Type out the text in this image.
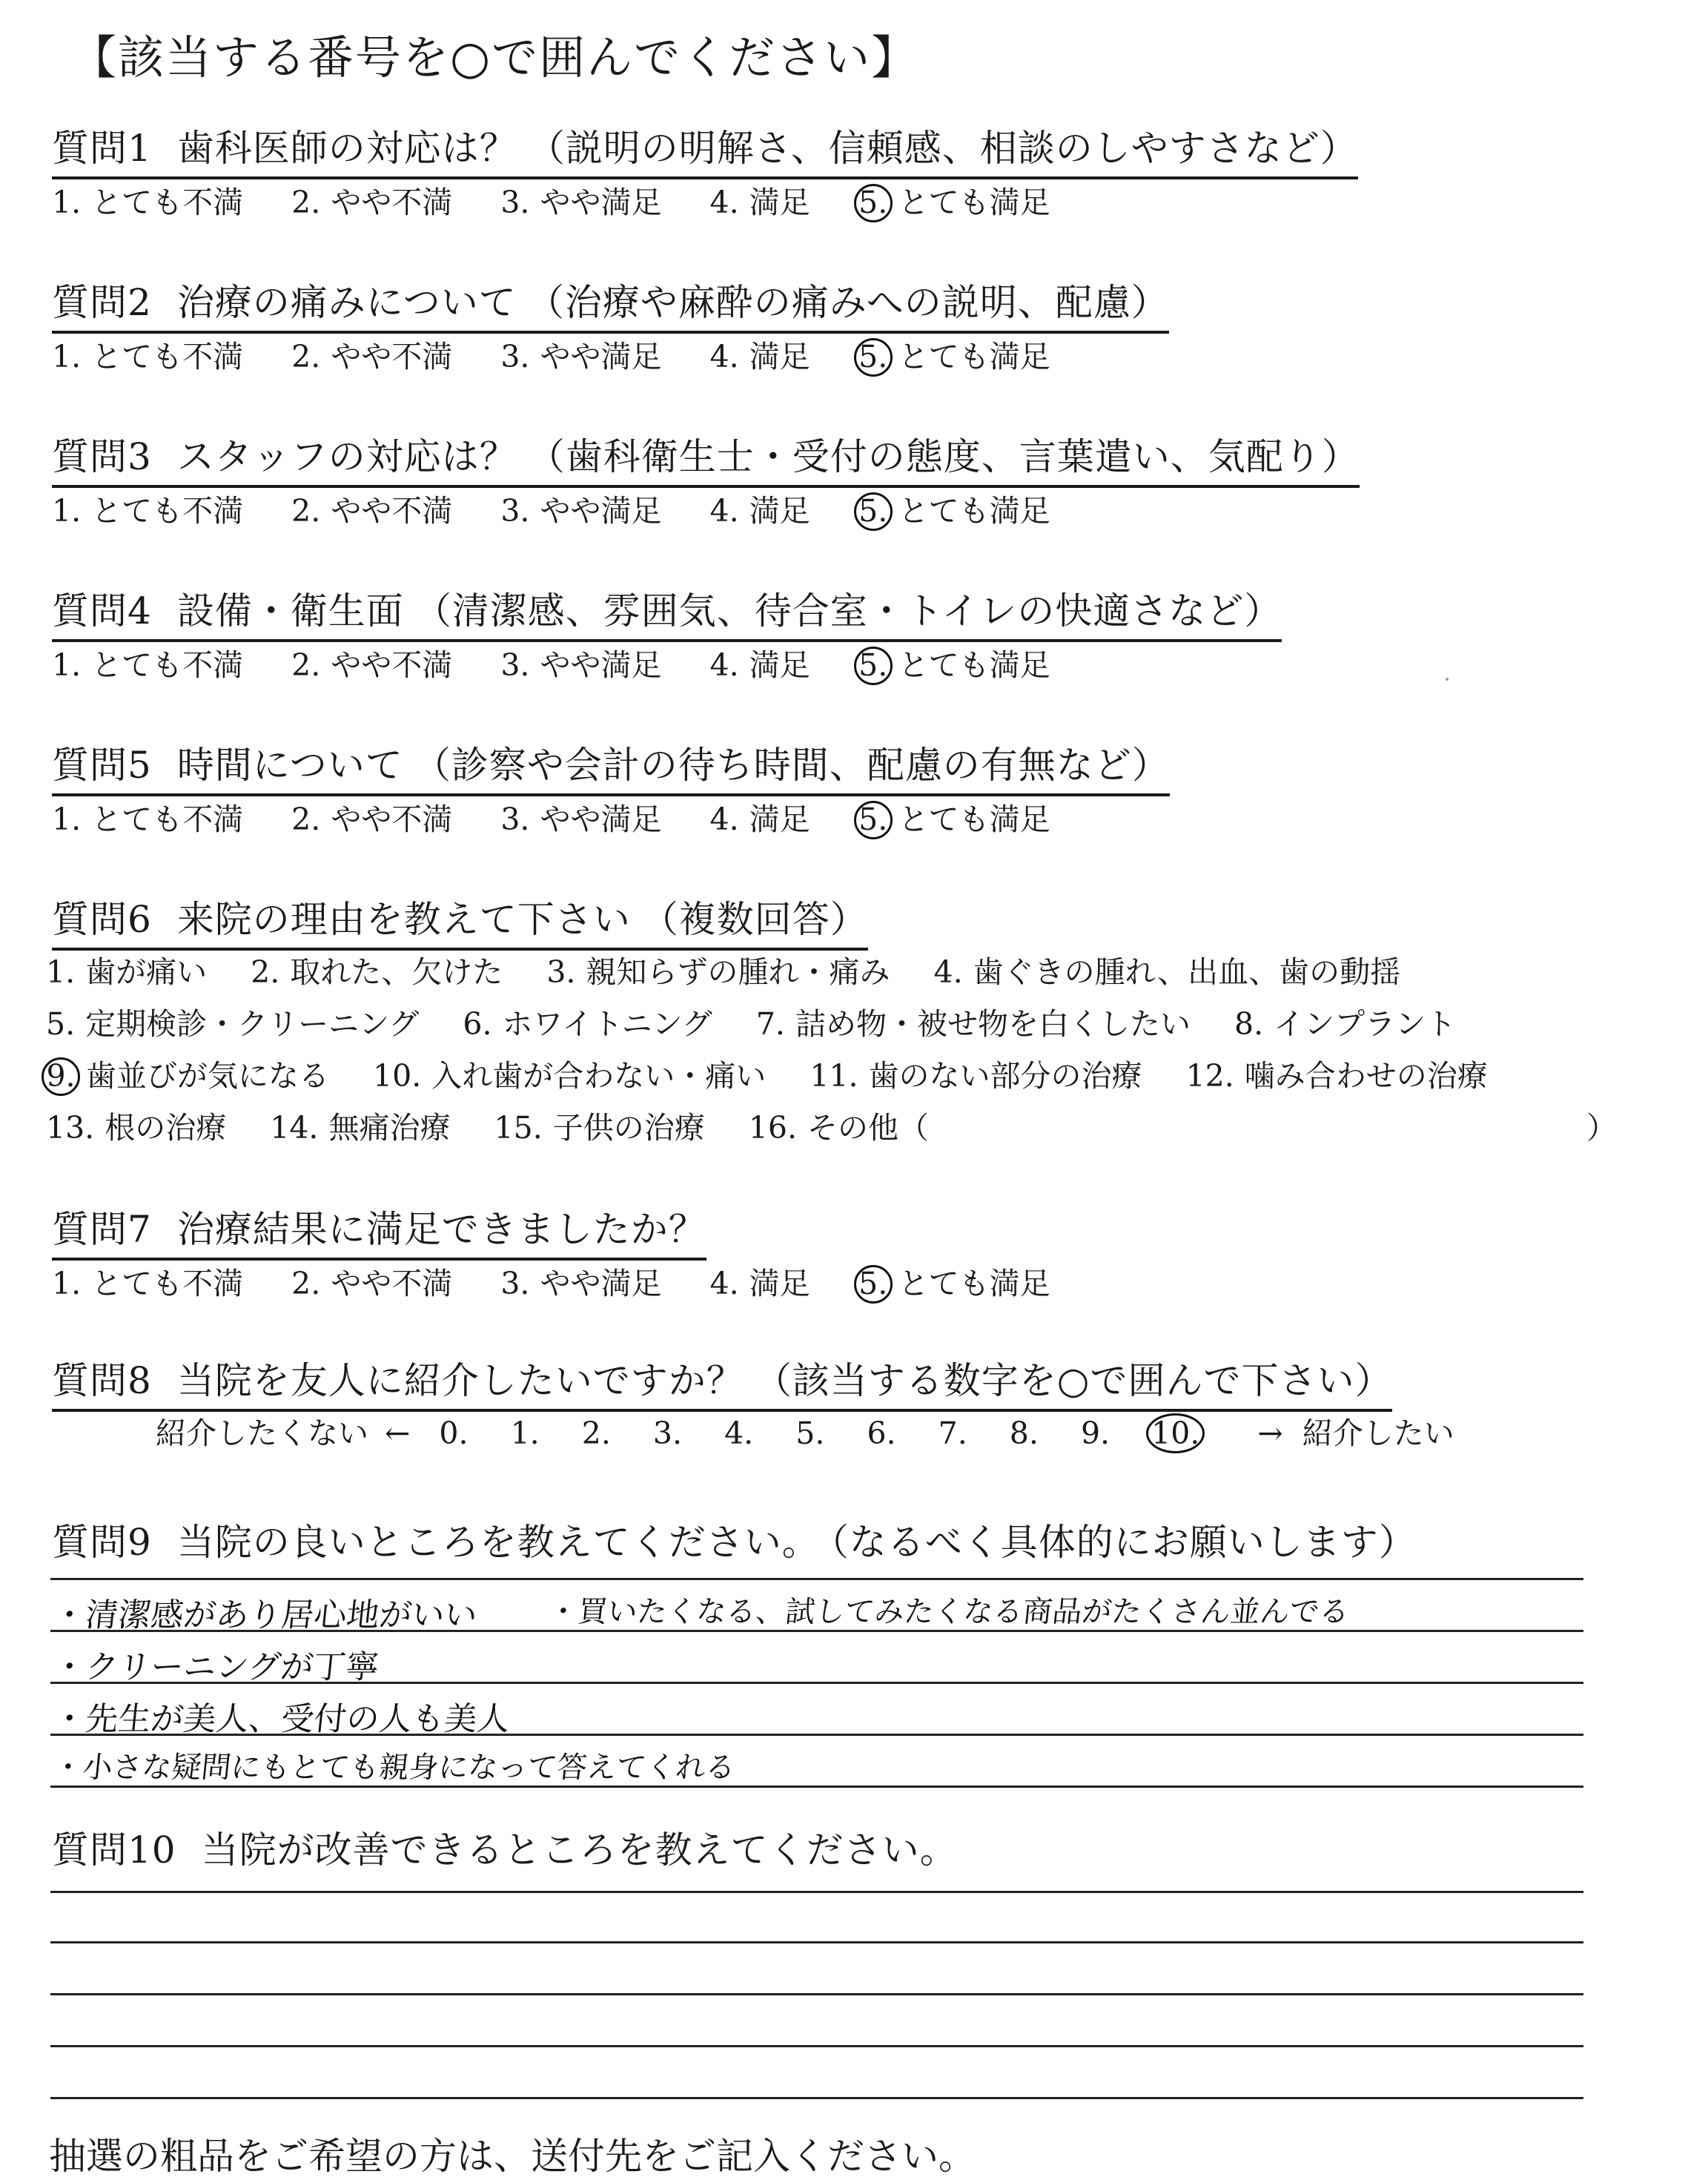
【該当する番号を○で囲んでください】
質問1 歯科医師の対応は？ （説明の明解さ、信頼感、相談のしやすさなど）
1. とても不満 2. やや不満 3. やや満足 4. 満足 5. とても満足
質問2 治療の痛みについて （治療や麻酔の痛みへの説明、配慮）
1. とても不満 2. やや不満 3. やや満足 4. 満足 5. とても満足
質問3 スタッフの対応は？ （歯科衛生士・受付の態度、言葉遣い、気配り）
1. とても不満 2. やや不満 3. やや満足 4. 満足 5. とても満足
質問4 設備・衛生面 （清潔感、雰囲気、待合室・トイレの快適さなど）
1. とても不満 2. やや不満 3. やや満足 4. 満足 5. とても満足
質問5 時間について （診察や会計の待ち時間、配慮の有無など）
1. とても不満 2. やや不満 3. やや満足 4. 満足 5. とても満足
質問6 来院の理由を教えて下さい （複数回答）
1. 歯が痛い 2. 取れた、欠けた 3. 親知らずの腫れ・痛み 4. 歯ぐきの腫れ、出血、歯の動揺
5. 定期検診・クリーニング 6. ホワイトニング 7. 詰め物・被せ物を白くしたい 8. インプラント
9. 歯並びが気になる 10. 入れ歯が合わない・痛い 11. 歯のない部分の治療 12. 噛み合わせの治療
13. 根の治療 14. 無痛治療 15. 子供の治療 16. その他（	）
質問7 治療結果に満足できましたか？
1. とても不満 2. やや不満 3. やや満足 4. 満足 5. とても満足
質問8 当院を友人に紹介したいですか？ （該当する数字を○で囲んで下さい）
紹介したくない ← 0. 1. 2. 3. 4. 5. 6. 7. 8. 9. 10. → 紹介したい
質問9 当院の良いところを教えてください。 （なるべく具体的にお願いします）
・清潔感があり居心地がいい ・買いたくなる、試してみたくなる商品がたくさん並んでる
・クリーニングが丁寧
・先生が美人、受付の人も美人
・小さな疑問にもとても親身になって答えてくれる
質問10 当院が改善できるところを教えてください。
抽選の粗品をご希望の方は、送付先をご記入ください。
